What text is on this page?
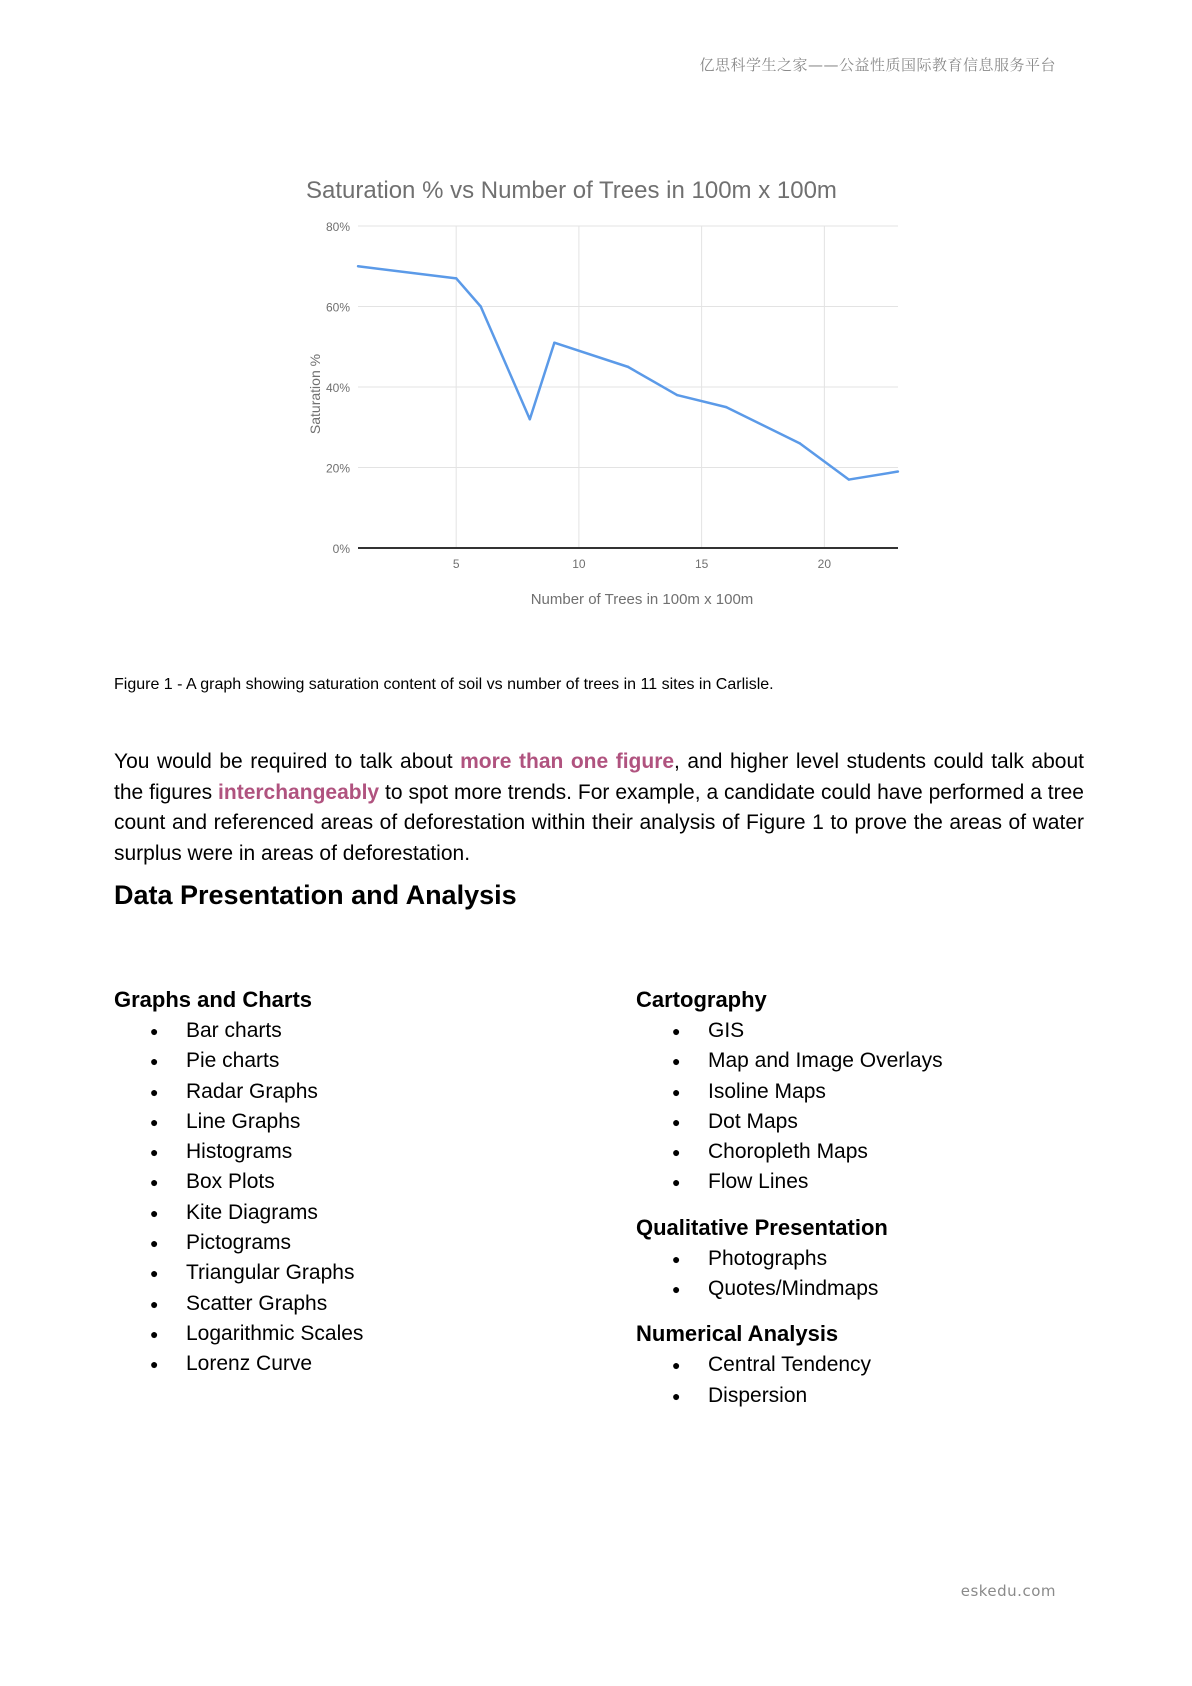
亿思科学生之家——公益性质国际教育信息服务平台
Saturation % vs Number of Trees in 100m x 100m
0%
20%
40%
60%
80%
5	10	15	20
Number of Trees in 100m x 100m
Saturation %
Figure 1 - A graph showing saturation content of soil vs number of trees in 11 sites in Carlisle.

You would be required to talk about more than one figure, and higher level students could talk about the figures interchangeably to spot more trends. For example, a candidate could have performed a tree count and referenced areas of deforestation within their analysis of Figure 1 to prove the areas of water surplus were in areas of deforestation.

Data Presentation and Analysis
Graphs and Charts
● Bar charts
● Pie charts
● Radar Graphs
● Line Graphs
● Histograms
● Box Plots
● Kite Diagrams
● Pictograms
● Triangular Graphs
● Scatter Graphs
● Logarithmic Scales
● Lorenz Curve
Cartography
● GIS
● Map and Image Overlays
● Isoline Maps
● Dot Maps
● Choropleth Maps
● Flow Lines
Qualitative Presentation
● Photographs
● Quotes/Mindmaps
Numerical Analysis
● Central Tendency
● Dispersion
eskedu.com
